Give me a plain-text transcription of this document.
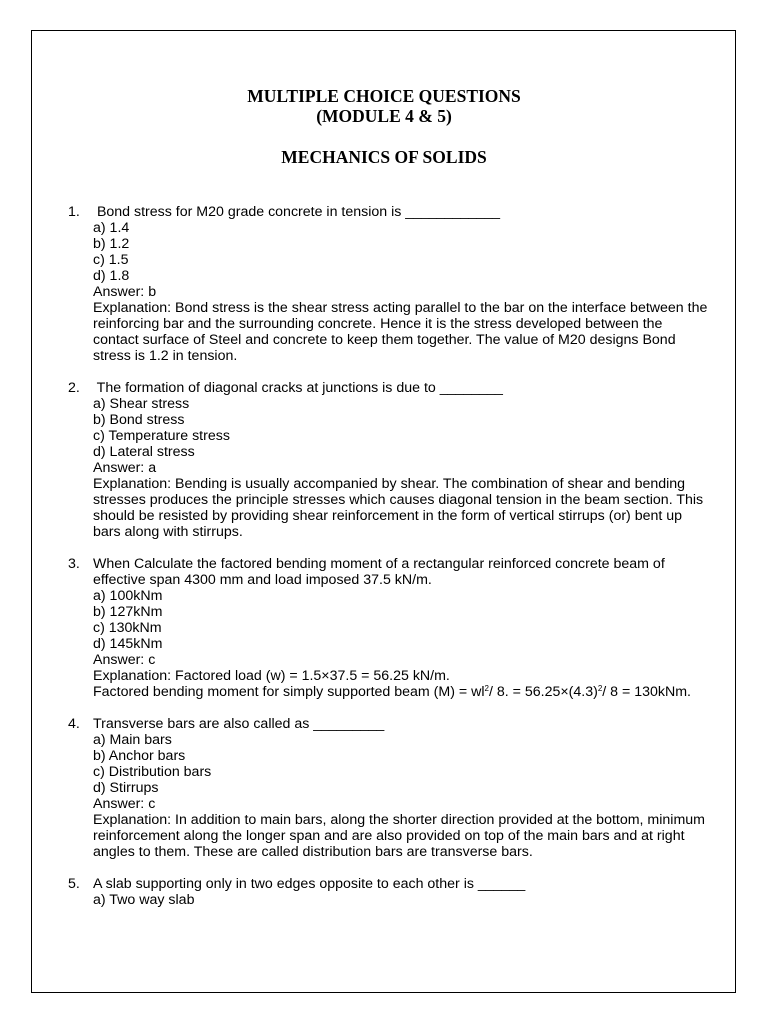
MULTIPLE CHOICE QUESTIONS
(MODULE 4 & 5)
MECHANICS OF SOLIDS
1. Bond stress for M20 grade concrete in tension is ____________
a) 1.4
b) 1.2
c) 1.5
d) 1.8
Answer: b
Explanation: Bond stress is the shear stress acting parallel to the bar on the interface between the reinforcing bar and the surrounding concrete. Hence it is the stress developed between the contact surface of Steel and concrete to keep them together. The value of M20 designs Bond stress is 1.2 in tension.
2. The formation of diagonal cracks at junctions is due to ________
a) Shear stress
b) Bond stress
c) Temperature stress
d) Lateral stress
Answer: a
Explanation: Bending is usually accompanied by shear. The combination of shear and bending stresses produces the principle stresses which causes diagonal tension in the beam section. This should be resisted by providing shear reinforcement in the form of vertical stirrups (or) bent up bars along with stirrups.
3. When Calculate the factored bending moment of a rectangular reinforced concrete beam of effective span 4300 mm and load imposed 37.5 kN/m.
a) 100kNm
b) 127kNm
c) 130kNm
d) 145kNm
Answer: c
Explanation: Factored load (w) = 1.5×37.5 = 56.25 kN/m.
Factored bending moment for simply supported beam $(M) = wl^2/$ 8. = $56.25\times(4.3)^2/$ 8 = 130kNm.
4. Transverse bars are also called as _________
a) Main bars
b) Anchor bars
c) Distribution bars
d) Stirrups
Answer: c
Explanation: In addition to main bars, along the shorter direction provided at the bottom, minimum reinforcement along the longer span and are also provided on top of the main bars and at right angles to them. These are called distribution bars are transverse bars.
5. A slab supporting only in two edges opposite to each other is ______
a) Two way slab
